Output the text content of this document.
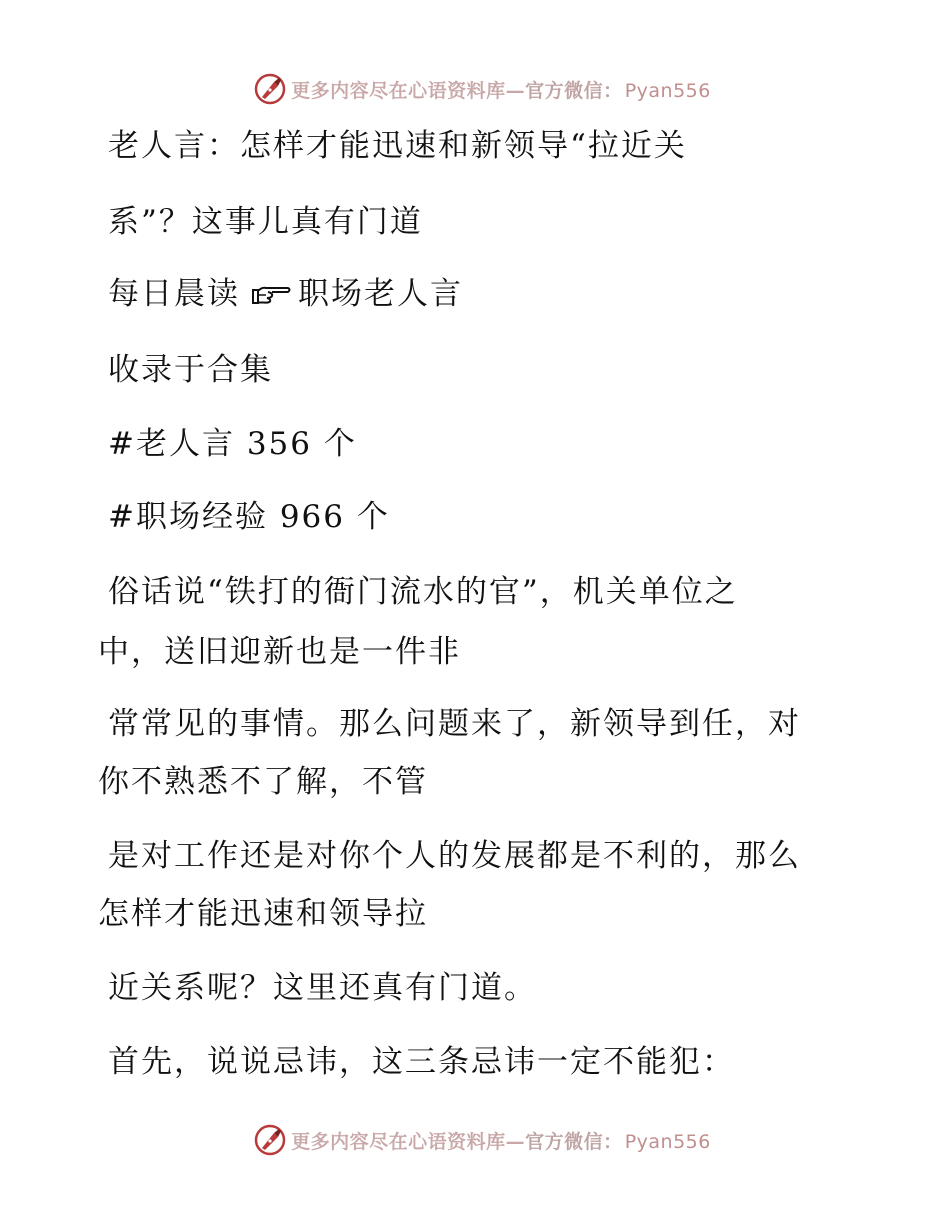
更多内容尽在心语资料库—官方微信： Pyan556
老人言：怎样才能迅速和新领导“拉近关
系”？这事儿真有门道
每日晨读 职场老人言
收录于合集
#老人言 356 个
#职场经验 966 个
俗话说“铁打的衙门流水的官”，机关单位之
中，送旧迎新也是一件非
常常见的事情。那么问题来了，新领导到任，对
你不熟悉不了解，不管
是对工作还是对你个人的发展都是不利的，那么
怎样才能迅速和领导拉
近关系呢？这里还真有门道。
首先，说说忌讳，这三条忌讳一定不能犯：
更多内容尽在心语资料库—官方微信： Pyan556
